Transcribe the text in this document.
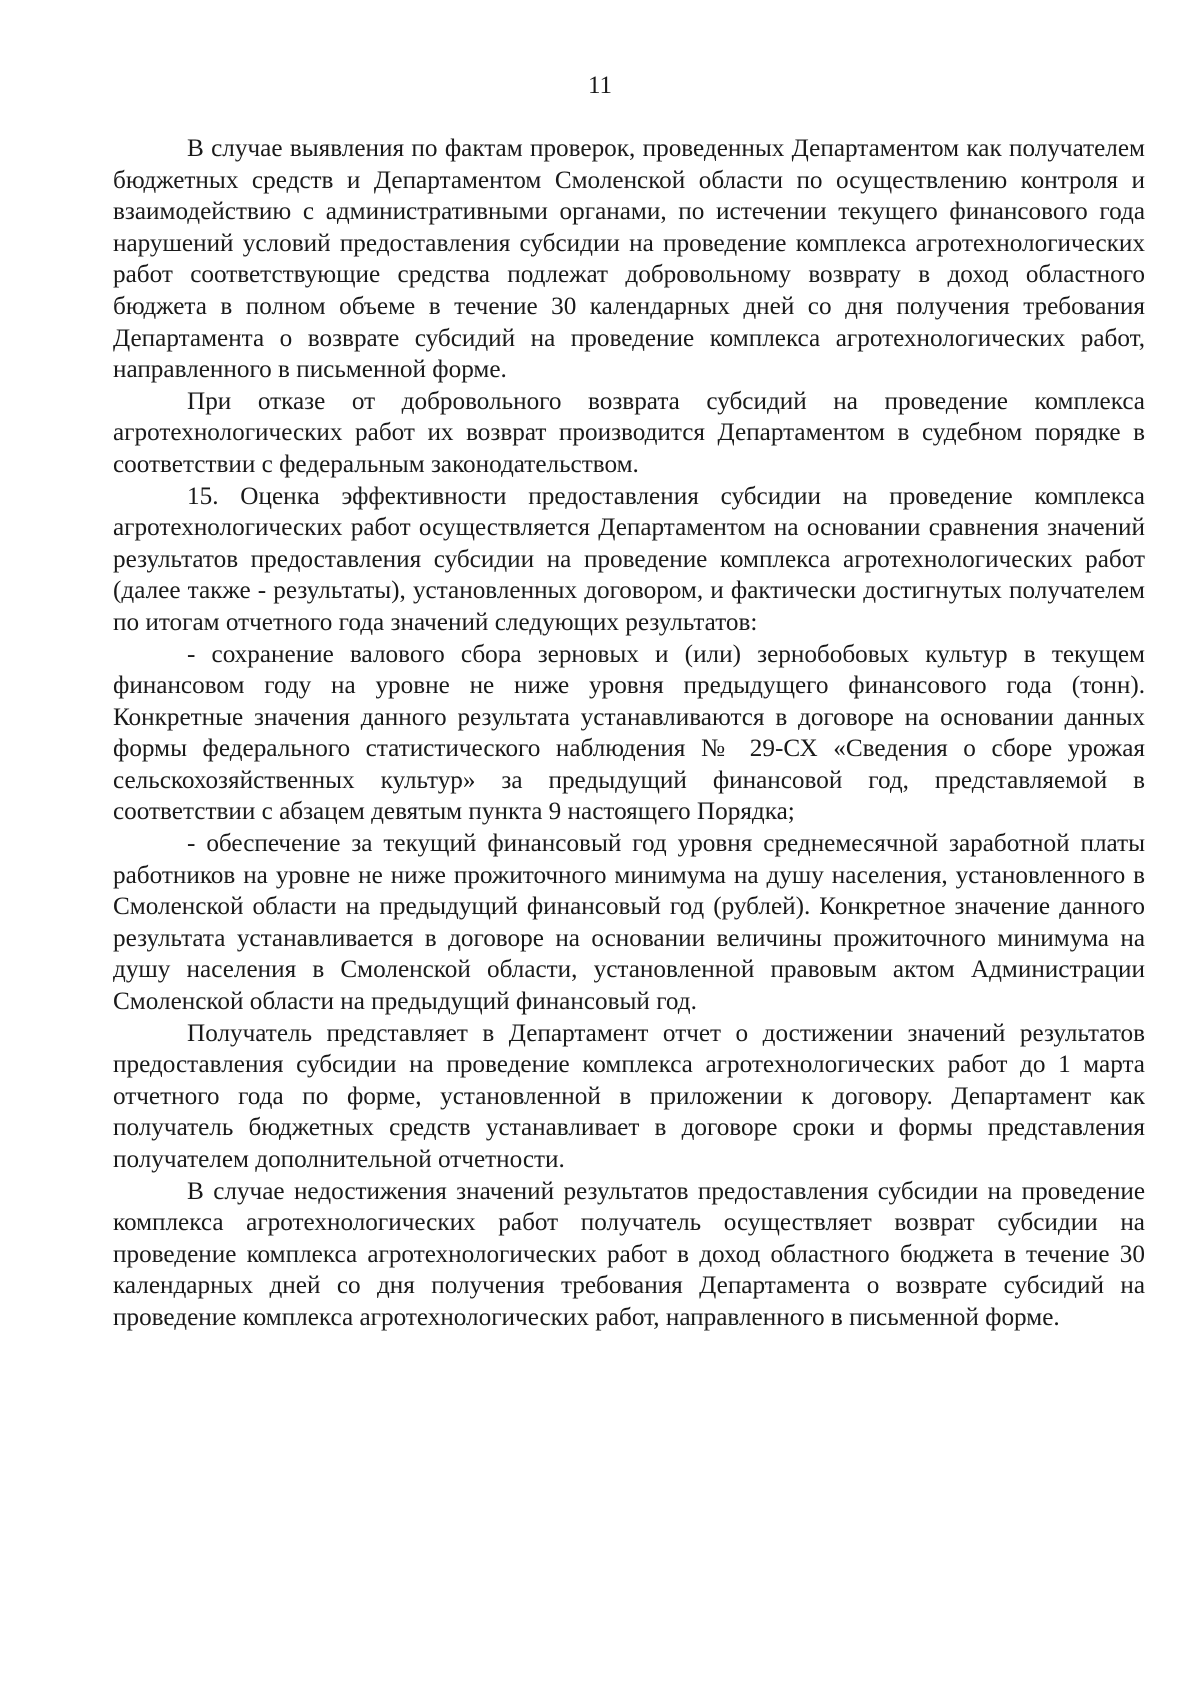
11

В случае выявления по фактам проверок, проведенных Департаментом как получателем бюджетных средств и Департаментом Смоленской области по осуществлению контроля и взаимодействию с административными органами, по истечении текущего финансового года нарушений условий предоставления субсидии на проведение комплекса агротехнологических работ соответствующие средства подлежат добровольному возврату в доход областного бюджета в полном объеме в течение 30 календарных дней со дня получения требования Департамента о возврате субсидий на проведение комплекса агротехнологических работ, направленного в письменной форме.

При отказе от добровольного возврата субсидий на проведение комплекса агротехнологических работ их возврат производится Департаментом в судебном порядке в соответствии с федеральным законодательством.

15. Оценка эффективности предоставления субсидии на проведение комплекса агротехнологических работ осуществляется Департаментом на основании сравнения значений результатов предоставления субсидии на проведение комплекса агротехнологических работ (далее также - результаты), установленных договором, и фактически достигнутых получателем по итогам отчетного года значений следующих результатов:

- сохранение валового сбора зерновых и (или) зернобобовых культур в текущем финансовом году на уровне не ниже уровня предыдущего финансового года (тонн). Конкретные значения данного результата устанавливаются в договоре на основании данных формы федерального статистического наблюдения № 29-СХ «Сведения о сборе урожая сельскохозяйственных культур» за предыдущий финансовой год, представляемой в соответствии с абзацем девятым пункта 9 настоящего Порядка;

- обеспечение за текущий финансовый год уровня среднемесячной заработной платы работников на уровне не ниже прожиточного минимума на душу населения, установленного в Смоленской области на предыдущий финансовый год (рублей). Конкретное значение данного результата устанавливается в договоре на основании величины прожиточного минимума на душу населения в Смоленской области, установленной правовым актом Администрации Смоленской области на предыдущий финансовый год.

Получатель представляет в Департамент отчет о достижении значений результатов предоставления субсидии на проведение комплекса агротехнологических работ до 1 марта отчетного года по форме, установленной в приложении к договору. Департамент как получатель бюджетных средств устанавливает в договоре сроки и формы представления получателем дополнительной отчетности.

В случае недостижения значений результатов предоставления субсидии на проведение комплекса агротехнологических работ получатель осуществляет возврат субсидии на проведение комплекса агротехнологических работ в доход областного бюджета в течение 30 календарных дней со дня получения требования Департамента о возврате субсидий на проведение комплекса агротехнологических работ, направленного в письменной форме.
